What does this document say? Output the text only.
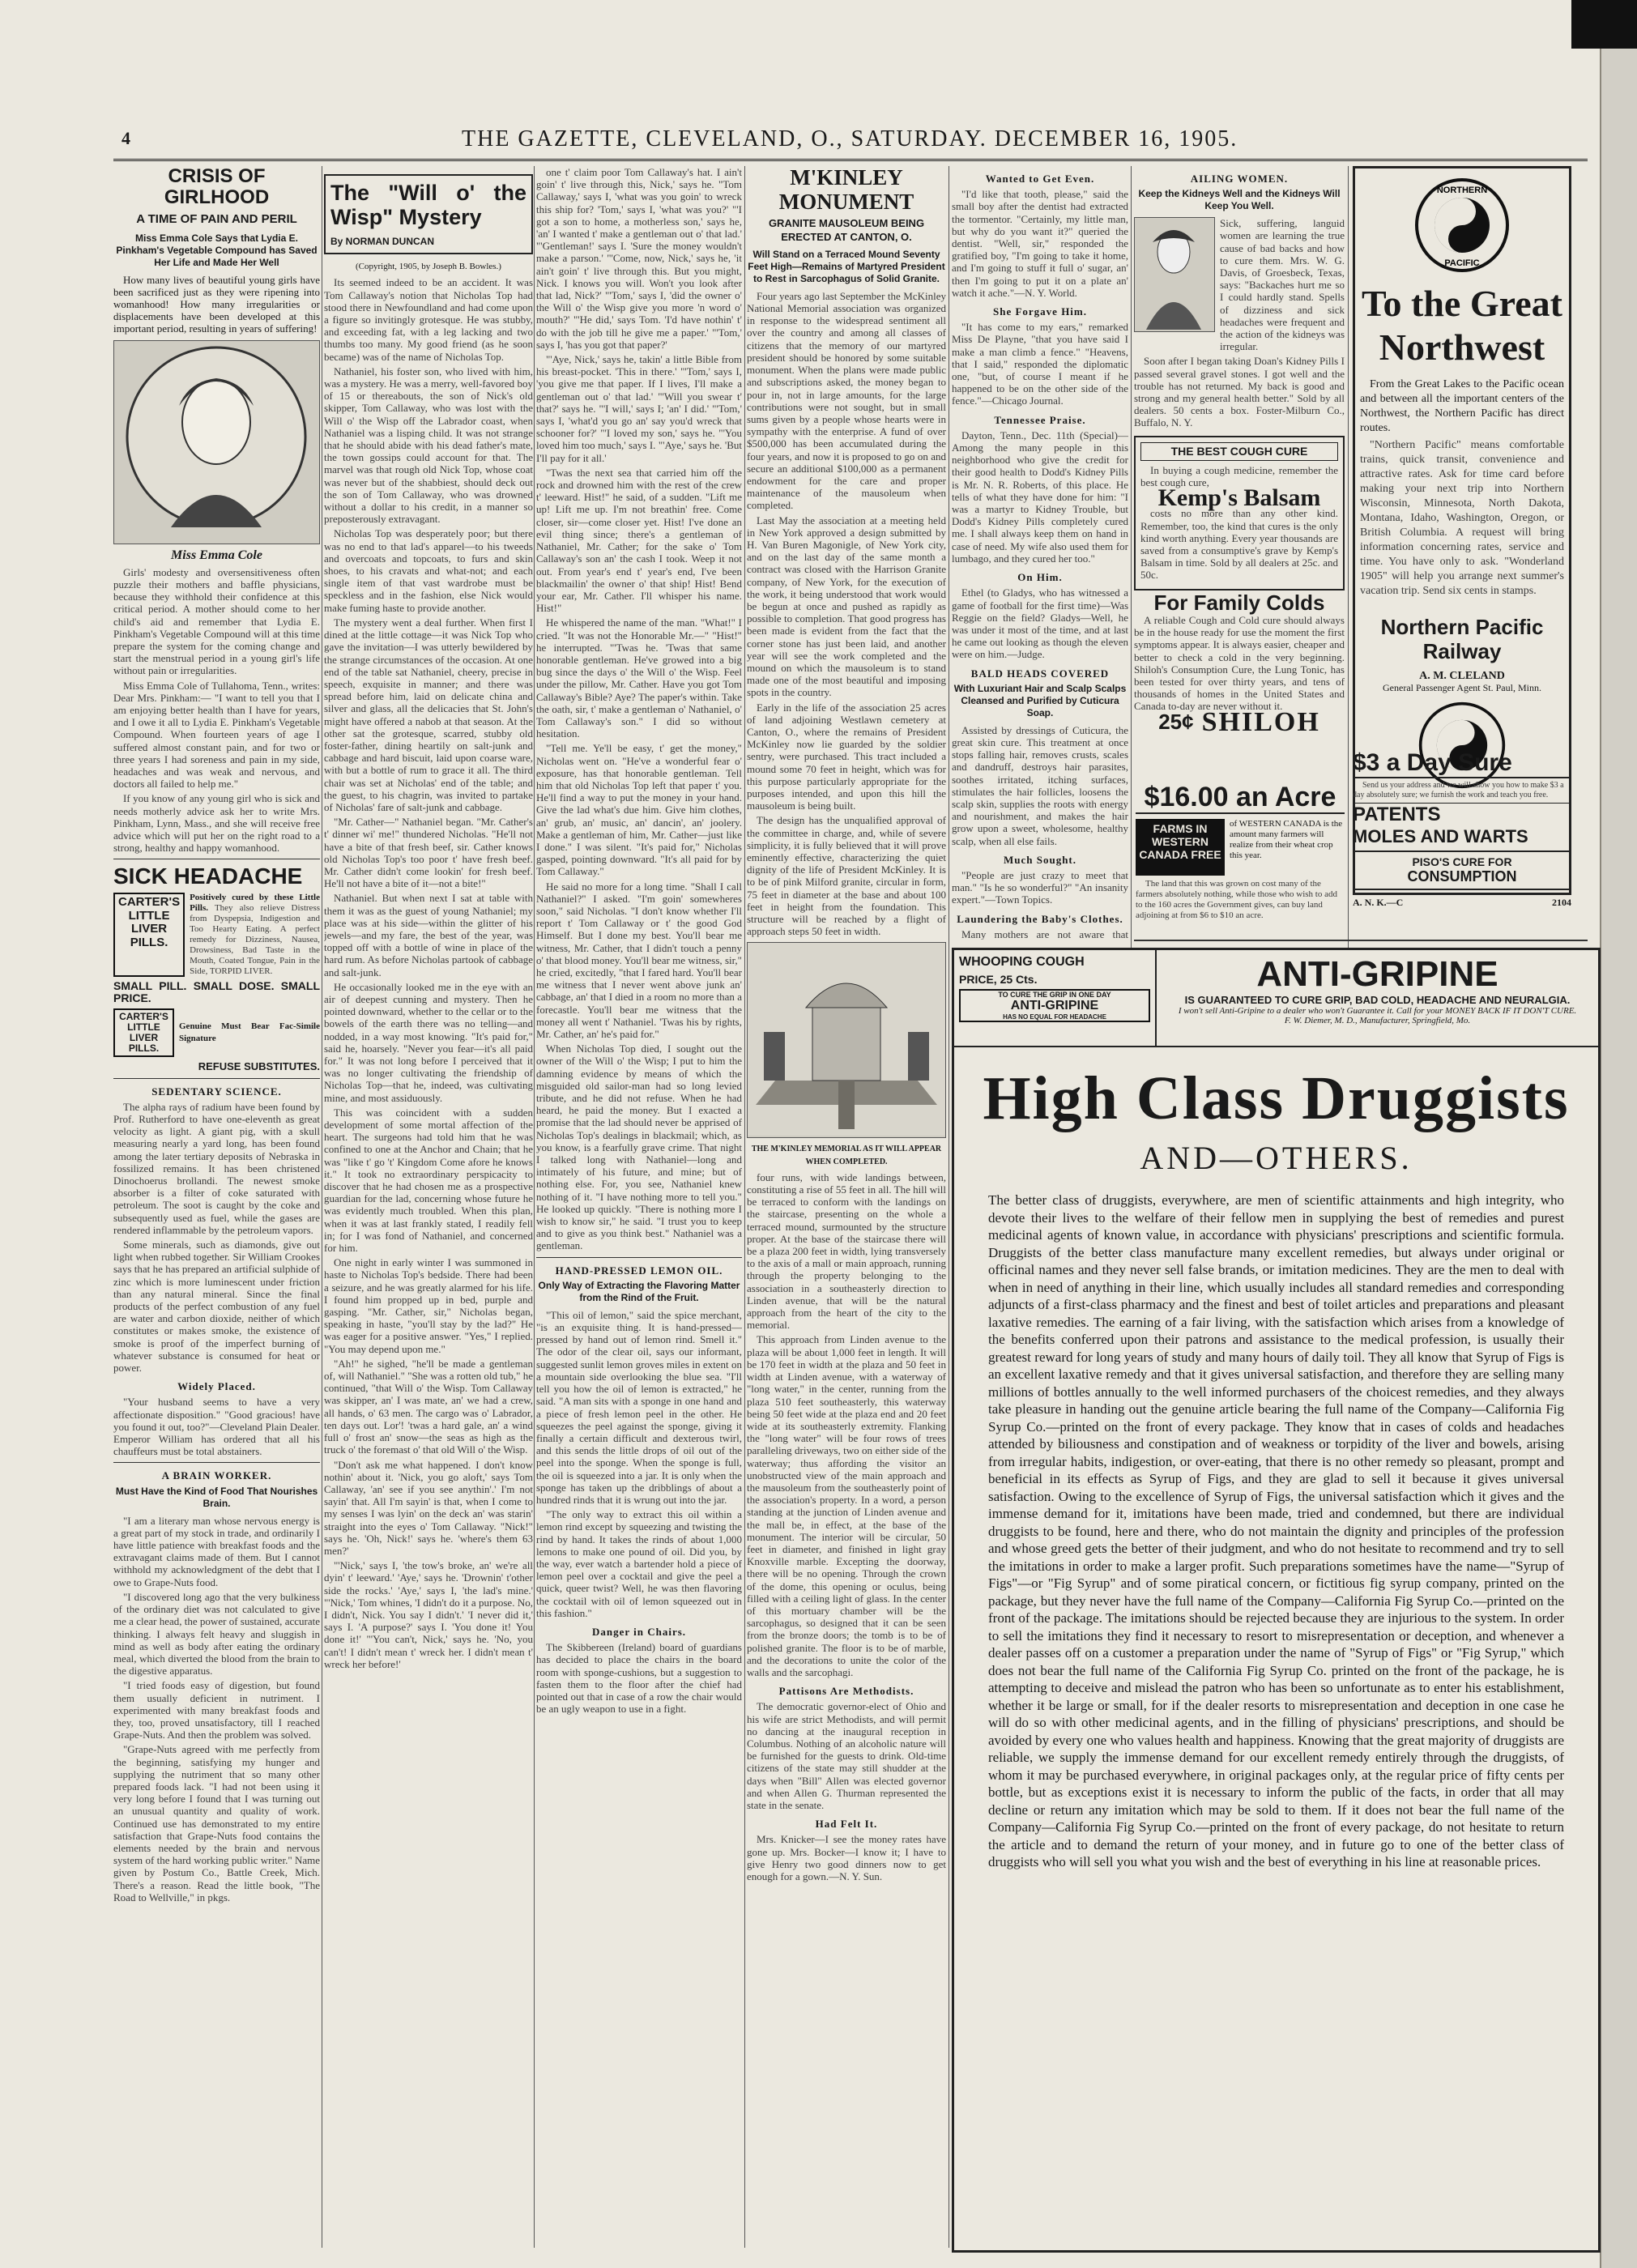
4	THE GAZETTE, CLEVELAND, O., SATURDAY. DECEMBER 16, 1905.
CRISIS OF GIRLHOOD
A TIME OF PAIN AND PERIL
Miss Emma Cole Says that Lydia E. Pinkham's Vegetable Compound has Saved Her Life and Made Her Well

How many lives of beautiful young girls have been sacrificed just as they were ripening into womanhood! How many irregularities or displacements have been developed at this important period, resulting in years of suffering!

Miss Emma Cole

Girls' modesty and oversensitiveness often puzzle their mothers and baffle physicians, because they withhold their confidence at this critical period. A mother should come to her child's aid and remember that Lydia E. Pinkham's Vegetable Compound will at this time prepare the system for the coming change and start the menstrual period in a young girl's life without pain or irregularities.

Miss Emma Cole of Tullahoma, Tenn., writes: Dear Mrs. Pinkham:— "I want to tell you that I am enjoying better health than I have for years, and I owe it all to Lydia E. Pinkham's Vegetable Compound. When fourteen years of age I suffered almost constant pain, and for two or three years I had soreness and pain in my side, headaches and was weak and nervous, and doctors all failed to help me."

If you know of any young girl who is sick and needs motherly advice ask her to write Mrs. Pinkham, Lynn, Mass., and she will receive free advice which will put her on the right road to a strong, healthy and happy womanhood.

SICK HEADACHE
CARTER'S LITTLE LIVER PILLS.
Positively cured by these Little Pills. They also relieve Distress from Dyspepsia, Indigestion and Too Hearty Eating. A perfect remedy for Dizziness, Nausea, Drowsiness, Bad Taste in the Mouth, Coated Tongue, Pain in the Side, TORPID LIVER.
SMALL PILL. SMALL DOSE. SMALL PRICE.
CARTER'S LITTLE LIVER PILLS.
Genuine Must Bear Fac-Simile Signature
REFUSE SUBSTITUTES.
SEDENTARY SCIENCE.

The alpha rays of radium have been found by Prof. Rutherford to have one-eleventh as great velocity as light. A giant pig, with a skull measuring nearly a yard long, has been found among the later tertiary deposits of Nebraska in fossilized remains. It has been christened Dinochoerus brollandi. The newest smoke absorber is a filter of coke saturated with petroleum. The soot is caught by the coke and subsequently used as fuel, while the gases are rendered inflammable by the petroleum vapors.

Some minerals, such as diamonds, give out light when rubbed together. Sir William Crookes says that he has prepared an artificial sulphide of zinc which is more luminescent under friction than any natural mineral. Since the final products of the perfect combustion of any fuel are water and carbon dioxide, neither of which constitutes or makes smoke, the existence of smoke is proof of the imperfect burning of whatever substance is consumed for heat or power.

Widely Placed.

"Your husband seems to have a very affectionate disposition." "Good gracious! have you found it out, too?"—Cleveland Plain Dealer. Emperor William has ordered that all his chauffeurs must be total abstainers.

A BRAIN WORKER.
Must Have the Kind of Food That Nourishes Brain.

"I am a literary man whose nervous energy is a great part of my stock in trade, and ordinarily I have little patience with breakfast foods and the extravagant claims made of them. But I cannot withhold my acknowledgment of the debt that I owe to Grape-Nuts food.

"I discovered long ago that the very bulkiness of the ordinary diet was not calculated to give me a clear head, the power of sustained, accurate thinking. I always felt heavy and sluggish in mind as well as body after eating the ordinary meal, which diverted the blood from the brain to the digestive apparatus.

"I tried foods easy of digestion, but found them usually deficient in nutriment. I experimented with many breakfast foods and they, too, proved unsatisfactory, till I reached Grape-Nuts. And then the problem was solved.

"Grape-Nuts agreed with me perfectly from the beginning, satisfying my hunger and supplying the nutriment that so many other prepared foods lack. "I had not been using it very long before I found that I was turning out an unusual quantity and quality of work. Continued use has demonstrated to my entire satisfaction that Grape-Nuts food contains the elements needed by the brain and nervous system of the hard working public writer." Name given by Postum Co., Battle Creek, Mich. There's a reason. Read the little book, "The Road to Wellville," in pkgs.

The "Will o' the Wisp" Mystery
By NORMAN DUNCAN
(Copyright, 1905, by Joseph B. Bowles.)

Its seemed indeed to be an accident. It was Tom Callaway's notion that Nicholas Top had stood there in Newfoundland and had come upon a figure so invitingly grotesque. He was stubby, and exceeding fat, with a leg lacking and two thumbs too many. My good friend (as he soon became) was of the name of Nicholas Top.

Nathaniel, his foster son, who lived with him, was a mystery. He was a merry, well-favored boy of 15 or thereabouts, the son of Nick's old skipper, Tom Callaway, who was lost with the Will o' the Wisp off the Labrador coast, when Nathaniel was a lisping child. It was not strange that he should abide with his dead father's mate, the town gossips could account for that. The marvel was that rough old Nick Top, whose coat was never but of the shabbiest, should deck out the son of Tom Callaway, who was drowned without a dollar to his credit, in a manner so preposterously extravagant.

Nicholas Top was desperately poor; but there was no end to that lad's apparel—to his tweeds and overcoats and topcoats, to furs and skin shoes, to his cravats and what-not; and each single item of that vast wardrobe must be speckless and in the fashion, else Nick would make fuming haste to provide another.

The mystery went a deal further. When first I dined at the little cottage—it was Nick Top who gave the invitation—I was utterly bewildered by the strange circumstances of the occasion. At one end of the table sat Nathaniel, cheery, precise in speech, exquisite in manner; and there was spread before him, laid on delicate china and silver and glass, all the delicacies that St. John's might have offered a nabob at that season. At the other sat the grotesque, scarred, stubby old foster-father, dining heartily on salt-junk and cabbage and hard biscuit, laid upon coarse ware, with but a bottle of rum to grace it all. The third chair was set at Nicholas' end of the table; and the guest, to his chagrin, was invited to partake of Nicholas' fare of salt-junk and cabbage.

"Mr. Cather—" Nathaniel began. "Mr. Cather's t' dinner wi' me!" thundered Nicholas. "He'll not have a bite of that fresh beef, sir. Cather knows old Nicholas Top's too poor t' have fresh beef. Mr. Cather didn't come lookin' for fresh beef. He'll not have a bite of it—not a bite!"

Nathaniel. But when next I sat at table with them it was as the guest of young Nathaniel; my place was at his side—within the glitter of his jewels—and my fare, the best of the year, was topped off with a bottle of wine in place of the hard rum. As before Nicholas partook of cabbage and salt-junk.

He occasionally looked me in the eye with an air of deepest cunning and mystery. Then he pointed downward, whether to the cellar or to the bowels of the earth there was no telling—and nodded, in a way most knowing. "It's paid for," said he, hoarsely. "Never you fear—it's all paid for." It was not long before I perceived that it was no longer cultivating the friendship of Nicholas Top—that he, indeed, was cultivating mine, and most assiduously.

This was coincident with a sudden development of some mortal affection of the heart. The surgeons had told him that he was confined to one at the Anchor and Chain; that he was "like t' go 't' Kingdom Come afore he knows it." It took no extraordinary perspicacity to discover that he had chosen me as a prospective guardian for the lad, concerning whose future he was evidently much troubled. When this plan, when it was at last frankly stated, I readily fell in; for I was fond of Nathaniel, and concerned for him.

One night in early winter I was summoned in haste to Nicholas Top's bedside. There had been a seizure, and he was greatly alarmed for his life. I found him propped up in bed, purple and gasping. "Mr. Cather, sir," Nicholas began, speaking in haste, "you'll stay by the lad?" He was eager for a positive answer. "Yes," I replied. "You may depend upon me."

"Ah!" he sighed, "he'll be made a gentleman of, will Nathaniel." "She was a rotten old tub," he continued, "that Will o' the Wisp. Tom Callaway was skipper, an' I was mate, an' we had a crew, all hands, o' 63 men. The cargo was o' Labrador, ten days out. Lor'! 'twas a hard gale, an' a wind full o' frost an' snow—the seas as high as the truck o' the foremast o' that old Will o' the Wisp.

"Don't ask me what happened. I don't know nothin' about it. 'Nick, you go aloft,' says Tom Callaway, 'an' see if you see anythin'.' I'm not sayin' that. All I'm sayin' is that, when I come to my senses I was lyin' on the deck an' was starin' straight into the eyes o' Tom Callaway. "Nick!" says he. 'Oh, Nick!' says he. 'where's them 63 men?'

"'Nick,' says I, 'the tow's broke, an' we're all dyin' t' leeward.' 'Aye,' says he. 'Drownin' t'other side the rocks.' 'Aye,' says I, 'the lad's mine.' "'Nick,' Tom whines, 'I didn't do it a purpose. No, I didn't, Nick. You say I didn't.' 'I never did it,' says I. 'A purpose?' says I. 'You done it! You done it!' "'You can't, Nick,' says he. 'No, you can't! I didn't mean t' wreck her. I didn't mean t' wreck her before!'

one t' claim poor Tom Callaway's hat. I ain't goin' t' live through this, Nick,' says he. "Tom Callaway,' says I, 'what was you goin' to wreck this ship for? 'Tom,' says I, 'what was you?' "'I got a son to home, a motherless son,' says he, 'an' I wanted t' make a gentleman out o' that lad.' "'Gentleman!' says I. 'Sure the money wouldn't make a parson.' "'Come, now, Nick,' says he, 'it ain't goin' t' live through this. But you might, Nick. I knows you will. Won't you look after that lad, Nick?' "'Tom,' says I, 'did the owner o' the Will o' the Wisp give you more 'n word o' mouth?' "'He did,' says Tom. 'I'd have nothin' t' do with the job till he give me a paper.' "'Tom,' says I, 'has you got that paper?'

"'Aye, Nick,' says he, takin' a little Bible from his breast-pocket. 'This in there.' "'Tom,' says I, 'you give me that paper. If I lives, I'll make a gentleman out o' that lad.' "'Will you swear t' that?' says he. "'I will,' says I; 'an' I did.' "'Tom,' says I, 'what'd you go an' say you'd wreck that schooner for?' "'I loved my son,' says he. "'You loved him too much,' says I. "'Aye,' says he. 'But I'll pay for it all.'

"Twas the next sea that carried him off the rock and drowned him with the rest of the crew t' leeward. Hist!" he said, of a sudden. "Lift me up! Lift me up. I'm not breathin' free. Come closer, sir—come closer yet. Hist! I've done an evil thing since; there's a gentleman of Nathaniel, Mr. Cather; for the sake o' Tom Callaway's son an' the cash I took. Weep it not out. From year's end t' year's end, I've been blackmailin' the owner o' that ship! Hist! Bend your ear, Mr. Cather. I'll whisper his name. Hist!"

He whispered the name of the man. "What!" I cried. "It was not the Honorable Mr.—" "Hist!" he interrupted. "'Twas he. 'Twas that same honorable gentleman. He've growed into a big bug since the days o' the Will o' the Wisp. Feel under the pillow, Mr. Cather. Have you got Tom Callaway's Bible? Aye? The paper's within. Take the oath, sir, t' make a gentleman o' Nathaniel, o' Tom Callaway's son." I did so without hesitation.

"Tell me. Ye'll be easy, t' get the money," Nicholas went on. "He've a wonderful fear o' exposure, has that honorable gentleman. Tell him that old Nicholas Top left that paper t' you. He'll find a way to put the money in your hand. Give the lad what's due him. Give him clothes, an' grub, an' music, an' dancin', an' joolery. Make a gentleman of him, Mr. Cather—just like I done." I was silent. "It's paid for," Nicholas gasped, pointing downward. "It's all paid for by Tom Callaway."

He said no more for a long time. "Shall I call Nathaniel?" I asked. "I'm goin' somewheres soon," said Nicholas. "I don't know whether I'll report t' Tom Callaway or t' the good God Himself. But I done my best. You'll bear me witness, Mr. Cather, that I didn't touch a penny o' that blood money. You'll bear me witness, sir," he cried, excitedly, "that I fared hard. You'll bear me witness that I never went above junk an' cabbage, an' that I died in a room no more than a forecastle. You'll bear me witness that the money all went t' Nathaniel. 'Twas his by rights, Mr. Cather, an' he's paid for."

When Nicholas Top died, I sought out the owner of the Will o' the Wisp; I put to him the damning evidence by means of which the misguided old sailor-man had so long levied tribute, and he did not refuse. When he had heard, he paid the money. But I exacted a promise that the lad should never be apprised of Nicholas Top's dealings in blackmail; which, as you know, is a fearfully grave crime. That night I talked long with Nathaniel—long and intimately of his future, and mine; but of nothing else. For, you see, Nathaniel knew nothing of it. "I have nothing more to tell you." He looked up quickly. "There is nothing more I wish to know sir," he said. "I trust you to keep and to give as you think best." Nathaniel was a gentleman.

HAND-PRESSED LEMON OIL.
Only Way of Extracting the Flavoring Matter from the Rind of the Fruit.

"This oil of lemon," said the spice merchant, "is an exquisite thing. It is hand-pressed—pressed by hand out of lemon rind. Smell it." The odor of the clear oil, says our informant, suggested sunlit lemon groves miles in extent on a mountain side overlooking the blue sea. "I'll tell you how the oil of lemon is extracted," he said. "A man sits with a sponge in one hand and a piece of fresh lemon peel in the other. He squeezes the peel against the sponge, giving it finally a certain difficult and dexterous twirl, and this sends the little drops of oil out of the peel into the sponge. When the sponge is full, the oil is squeezed into a jar. It is only when the sponge has taken up the dribblings of about a hundred rinds that it is wrung out into the jar.

"The only way to extract this oil within a lemon rind except by squeezing and twisting the rind by hand. It takes the rinds of about 1,000 lemons to make one pound of oil. Did you, by the way, ever watch a bartender hold a piece of lemon peel over a cocktail and give the peel a quick, queer twist? Well, he was then flavoring the cocktail with oil of lemon squeezed out in this fashion."

Danger in Chairs.

The Skibbereen (Ireland) board of guardians has decided to place the chairs in the board room with sponge-cushions, but a suggestion to fasten them to the floor after the chief had pointed out that in case of a row the chair would be an ugly weapon to use in a fight.

M'KINLEY MONUMENT
GRANITE MAUSOLEUM BEING ERECTED AT CANTON, O.
Will Stand on a Terraced Mound Seventy Feet High—Remains of Martyred President to Rest in Sarcophagus of Solid Granite.

Four years ago last September the McKinley National Memorial association was organized in response to the widespread sentiment all over the country and among all classes of citizens that the memory of our martyred president should be honored by some suitable monument. When the plans were made public and subscriptions asked, the money began to pour in, not in large amounts, for the large contributions were not sought, but in small sums given by a people whose hearts were in sympathy with the enterprise. A fund of over $500,000 has been accumulated during the four years, and now it is proposed to go on and secure an additional $100,000 as a permanent endowment for the care and proper maintenance of the mausoleum when completed.

Last May the association at a meeting held in New York approved a design submitted by H. Van Buren Magonigle, of New York city, and on the last day of the same month a contract was closed with the Harrison Granite company, of New York, for the execution of the work, it being understood that work would be begun at once and pushed as rapidly as possible to completion. That good progress has been made is evident from the fact that the corner stone has just been laid, and another year will see the work completed and the mound on which the mausoleum is to stand made one of the most beautiful and imposing spots in the country.

Early in the life of the association 25 acres of land adjoining Westlawn cemetery at Canton, O., where the remains of President McKinley now lie guarded by the soldier sentry, were purchased. This tract included a mound some 70 feet in height, which was for this purpose particularly appropriate for the purposes intended, and upon this hill the mausoleum is being built.

The design has the unqualified approval of the committee in charge, and, while of severe simplicity, it is fully believed that it will prove eminently effective, characterizing the quiet dignity of the life of President McKinley. It is to be of pink Milford granite, circular in form, 75 feet in diameter at the base and about 100 feet in height from the foundation. This structure will be reached by a flight of approach steps 50 feet in width.

THE M'KINLEY MEMORIAL AS IT WILL APPEAR WHEN COMPLETED.

four runs, with wide landings between, constituting a rise of 55 feet in all. The hill will be terraced to conform with the landings on the staircase, presenting on the whole a terraced mound, surmounted by the structure proper. At the base of the staircase there will be a plaza 200 feet in width, lying transversely to the axis of a mall or main approach, running through the property belonging to the association in a southeasterly direction to Linden avenue, that will be the natural approach from the heart of the city to the memorial.

This approach from Linden avenue to the plaza will be about 1,000 feet in length. It will be 170 feet in width at the plaza and 50 feet in width at Linden avenue, with a waterway of "long water," in the center, running from the plaza 510 feet southeasterly, this waterway being 50 feet wide at the plaza end and 20 feet wide at its southeasterly extremity. Flanking the "long water" will be four rows of trees paralleling driveways, two on either side of the waterway; thus affording the visitor an unobstructed view of the main approach and the mausoleum from the southeasterly point of the association's property. In a word, a person standing at the junction of Linden avenue and the mall be, in effect, at the base of the monument. The interior will be circular, 50 feet in diameter, and finished in light gray Knoxville marble. Excepting the doorway, there will be no opening. Through the crown of the dome, this opening or oculus, being filled with a ceiling light of glass. In the center of this mortuary chamber will be the sarcophagus, so designed that it can be seen from the bronze doors; the tomb is to be of polished granite. The floor is to be of marble, and the decorations to unite the color of the walls and the sarcophagi.

Pattisons Are Methodists.

The democratic governor-elect of Ohio and his wife are strict Methodists, and will permit no dancing at the inaugural reception in Columbus. Nothing of an alcoholic nature will be furnished for the guests to drink. Old-time citizens of the state may still shudder at the days when "Bill" Allen was elected governor and when Allen G. Thurman represented the state in the senate.

Had Felt It.

Mrs. Knicker—I see the money rates have gone up. Mrs. Bocker—I know it; I have to give Henry two good dinners now to get enough for a gown.—N. Y. Sun.

Wanted to Get Even.

"I'd like that tooth, please," said the small boy after the dentist had extracted the tormentor. "Certainly, my little man, but why do you want it?" queried the dentist. "Well, sir," responded the gratified boy, "I'm going to take it home, and I'm going to stuff it full o' sugar, an' then I'm going to put it on a plate an' watch it ache."—N. Y. World.

She Forgave Him.

"It has come to my ears," remarked Miss De Playne, "that you have said I make a man climb a fence." "Heavens, that I said," responded the diplomatic one, "but, of course I meant if he happened to be on the other side of the fence."—Chicago Journal.

Tennessee Praise.

Dayton, Tenn., Dec. 11th (Special)—Among the many people in this neighborhood who give the credit for their good health to Dodd's Kidney Pills is Mr. N. R. Roberts, of this place. He tells of what they have done for him: "I was a martyr to Kidney Trouble, but Dodd's Kidney Pills completely cured me. I shall always keep them on hand in case of need. My wife also used them for lumbago, and they cured her too."

On Him.

Ethel (to Gladys, who has witnessed a game of football for the first time)—Was Reggie on the field? Gladys—Well, he was under it most of the time, and at last he came out looking as though the eleven were on him.—Judge.

BALD HEADS COVERED
With Luxuriant Hair and Scalp Scalps Cleansed and Purified by Cuticura Soap.

Assisted by dressings of Cuticura, the great skin cure. This treatment at once stops falling hair, removes crusts, scales and dandruff, destroys hair parasites, soothes irritated, itching surfaces, stimulates the hair follicles, loosens the scalp skin, supplies the roots with energy and nourishment, and makes the hair grow upon a sweet, wholesome, healthy scalp, when all else fails.

Much Sought.

"People are just crazy to meet that man." "Is he so wonderful?" "An insanity expert."—Town Topics.

Laundering the Baby's Clothes.

Many mothers are not aware that

AILING WOMEN.
Keep the Kidneys Well and the Kidneys Will Keep You Well.

Sick, suffering, languid women are learning the true cause of bad backs and how to cure them. Mrs. W. G. Davis, of Groesbeck, Texas, says: "Backaches hurt me so I could hardly stand. Spells of dizziness and sick headaches were frequent and the action of the kidneys was irregular.

Soon after I began taking Doan's Kidney Pills I passed several gravel stones. I got well and the trouble has not returned. My back is good and strong and my general health better." Sold by all dealers. 50 cents a box. Foster-Milburn Co., Buffalo, N. Y.

THE BEST COUGH CURE

In buying a cough medicine, remember the best cough cure,

Kemp's Balsam

costs no more than any other kind. Remember, too, the kind that cures is the only kind worth anything. Every year thousands are saved from a consumptive's grave by Kemp's Balsam in time. Sold by all dealers at 25c. and 50c.

For Family Colds

A reliable Cough and Cold cure should always be in the house ready for use the moment the first symptoms appear. It is always easier, cheaper and better to check a cold in the very beginning. Shiloh's Consumption Cure, the Lung Tonic, has been tested for over thirty years, and tens of thousands of homes in the United States and Canada to-day are never without it.

25¢ SHILOH
NORTHERN
PACIFIC
To the Great Northwest

From the Great Lakes to the Pacific ocean and between all the important centers of the Northwest, the Northern Pacific has direct routes.

"Northern Pacific" means comfortable trains, quick transit, convenience and attractive rates. Ask for time card before making your next trip into Northern Wisconsin, Minnesota, North Dakota, Montana, Idaho, Washington, Oregon, or British Columbia. A request will bring information concerning rates, service and time. You have only to ask. "Wonderland 1905" will help you arrange next summer's vacation trip. Send six cents in stamps.

Northern Pacific Railway
A. M. CLELAND
General Passenger Agent St. Paul, Minn.
$16.00 an Acre
FARMS IN WESTERN CANADA FREE
of WESTERN CANADA is the amount many farmers will realize from their wheat crop this year.

The land that this was grown on cost many of the farmers absolutely nothing, while those who wish to add to the 160 acres the Government gives, can buy land adjoining at from $6 to $10 an acre.

$3 a Day Sure

Send us your address and we will show you how to make $3 a day absolutely sure; we furnish the work and teach you free.

PATENTS
MOLES AND WARTS
PISO'S CURE FOR
CONSUMPTION
A. N. K.—C	2104
WHOOPING COUGH
PRICE, 25 Cts.
TO CURE THE GRIP IN ONE DAY
ANTI-GRIPINE
HAS NO EQUAL FOR HEADACHE
ANTI-GRIPINE
IS GUARANTEED TO CURE GRIP, BAD COLD, HEADACHE AND NEURALGIA.
I won't sell Anti-Gripine to a dealer who won't Guarantee it. Call for your MONEY BACK IF IT DON'T CURE.
F. W. Diemer, M. D., Manufacturer, Springfield, Mo.
High Class Druggists
AND—OTHERS.
The better class of druggists, everywhere, are men of scientific attainments and high integrity, who devote their lives to the welfare of their fellow men in supplying the best of remedies and purest medicinal agents of known value, in accordance with physicians' prescriptions and scientific formula. Druggists of the better class manufacture many excellent remedies, but always under original or officinal names and they never sell false brands, or imitation medicines. They are the men to deal with when in need of anything in their line, which usually includes all standard remedies and corresponding adjuncts of a first-class pharmacy and the finest and best of toilet articles and preparations and pleasant laxative remedies. The earning of a fair living, with the satisfaction which arises from a knowledge of the benefits conferred upon their patrons and assistance to the medical profession, is usually their greatest reward for long years of study and many hours of daily toil. They all know that Syrup of Figs is an excellent laxative remedy and that it gives universal satisfaction, and therefore they are selling many millions of bottles annually to the well informed purchasers of the choicest remedies, and they always take pleasure in handing out the genuine article bearing the full name of the Company—California Fig Syrup Co.—printed on the front of every package. They know that in cases of colds and headaches attended by biliousness and constipation and of weakness or torpidity of the liver and bowels, arising from irregular habits, indigestion, or over-eating, that there is no other remedy so pleasant, prompt and beneficial in its effects as Syrup of Figs, and they are glad to sell it because it gives universal satisfaction. Owing to the excellence of Syrup of Figs, the universal satisfaction which it gives and the immense demand for it, imitations have been made, tried and condemned, but there are individual druggists to be found, here and there, who do not maintain the dignity and principles of the profession and whose greed gets the better of their judgment, and who do not hesitate to recommend and try to sell the imitations in order to make a larger profit. Such preparations sometimes have the name—"Syrup of Figs"—or "Fig Syrup" and of some piratical concern, or fictitious fig syrup company, printed on the package, but they never have the full name of the Company—California Fig Syrup Co.—printed on the front of the package. The imitations should be rejected because they are injurious to the system. In order to sell the imitations they find it necessary to resort to misrepresentation or deception, and whenever a dealer passes off on a customer a preparation under the name of "Syrup of Figs" or "Fig Syrup," which does not bear the full name of the California Fig Syrup Co. printed on the front of the package, he is attempting to deceive and mislead the patron who has been so unfortunate as to enter his establishment, whether it be large or small, for if the dealer resorts to misrepresentation and deception in one case he will do so with other medicinal agents, and in the filling of physicians' prescriptions, and should be avoided by every one who values health and happiness. Knowing that the great majority of druggists are reliable, we supply the immense demand for our excellent remedy entirely through the druggists, of whom it may be purchased everywhere, in original packages only, at the regular price of fifty cents per bottle, but as exceptions exist it is necessary to inform the public of the facts, in order that all may decline or return any imitation which may be sold to them. If it does not bear the full name of the Company—California Fig Syrup Co.—printed on the front of every package, do not hesitate to return the article and to demand the return of your money, and in future go to one of the better class of druggists who will sell you what you wish and the best of everything in his line at reasonable prices.
